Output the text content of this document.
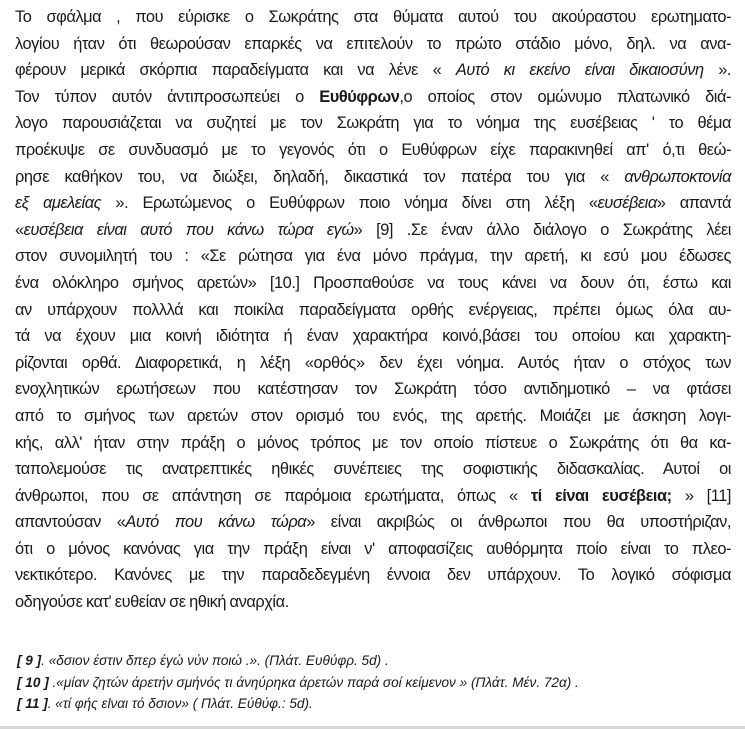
Το σφάλμα , που εύρισκε ο Σωκράτης στα θύματα αυτού του ακούραστου ερωτηματο-
λογίου ήταν ότι θεωρούσαν επαρκές να επιτελούν το πρώτο στάδιο μόνο, δηλ. να ανα-
φέρουν μερικά σκόρπια παραδείγματα και να λένε « Αυτό κι εκείνο είναι δικαιοσύνη ».
Τον τύπον αυτόν ἀντιπροσωπεύει ο Ευθύφρων,ο οποίος στον ομώνυμο πλατωνικό διά-
λογο παρουσιάζεται να συζητεί με τον Σωκράτη για το νόημα της ευσέβειας ' το θέμα
προέκυψε σε συνδυασμό με το γεγονός ότι ο Ευθύφρων είχε παρακινηθεί απ' ό,τι θεώ-
ρησε καθήκον του, να διώξει, δηλαδή, δικαστικά τον πατέρα του για « ανθρωποκτονία
εξ αμελείας ». Ερωτώμενος ο Ευθύφρων ποιο νόημα δίνει στη λέξη «ευσέβεια» απαντά
«ευσέβεια είναι αυτό που κάνω τώρα εγώ» [9] .Σε έναν άλλο διάλογο ο Σωκράτης λέει
στον συνομιλητή του : «Σε ρώτησα για ένα μόνο πράγμα, την αρετή, κι εσύ μου έδωσες
ένα ολόκληρο σμήνος αρετών» [10.] Προσπαθούσε να τους κάνει να δουν ότι, έστω και
αν υπάρχουν πολλλά και ποικίλα παραδείγματα ορθής ενέργειας, πρέπει όμως όλα αυ-
τά να έχουν μια κοινή ιδιότητα ή έναν χαρακτήρα κοινό,βάσει του οποίου και χαρακτη-
ρίζονται ορθά. Διαφορετικά, η λέξη «ορθός» δεν έχει νόημα. Αυτός ήταν ο στόχος των
ενοχλητικών ερωτήσεων που κατέστησαν τον Σωκράτη τόσο αντιδημοτικό – να φτάσει
από το σμήνος των αρετών στον ορισμό του ενός, της αρετής. Μοιάζει με άσκηση λογι-
κής, αλλ' ήταν στην πράξη ο μόνος τρόπος με τον οποίο πίστευε ο Σωκράτης ότι θα κα-
ταπολεμούσε τις ανατρεπτικές ηθικές συνέπειες της σοφιστικής διδασκαλίας. Αυτοί οι
άνθρωποι, που σε απάντηση σε παρόμοια ερωτήματα, όπως « τί είναι ευσέβεια; » [11]
απαντούσαν «Αυτό που κάνω τώρα» είναι ακριβώς οι άνθρωποι που θα υποστήριζαν,
ότι ο μόνος κανόνας για την πράξη είναι ν' αποφασίζεις αυθόρμητα ποίο είναι το πλεο-
νεκτικότερο. Κανόνες με την παραδεδεγμένη έννοια δεν υπάρχουν. Το λογικό σόφισμα
οδηγούσε κατ' ευθείαν σε ηθική αναρχία.
[ 9 ]. «δσιον έστιν δπερ έγώ νύν ποιώ .». (Πλάτ. Ευθύφρ. 5d) .
[ 10 ] .«μίαν ζητών άρετήν σμήνός τι άνηύρηκα άρετών παρά σοί κείμενον » (Πλάτ. Μέν. 72α) .
[ 11 ]. «τί φής εlναι τό δσιον» ( Πλάτ. Εύθύφ.: 5d).
